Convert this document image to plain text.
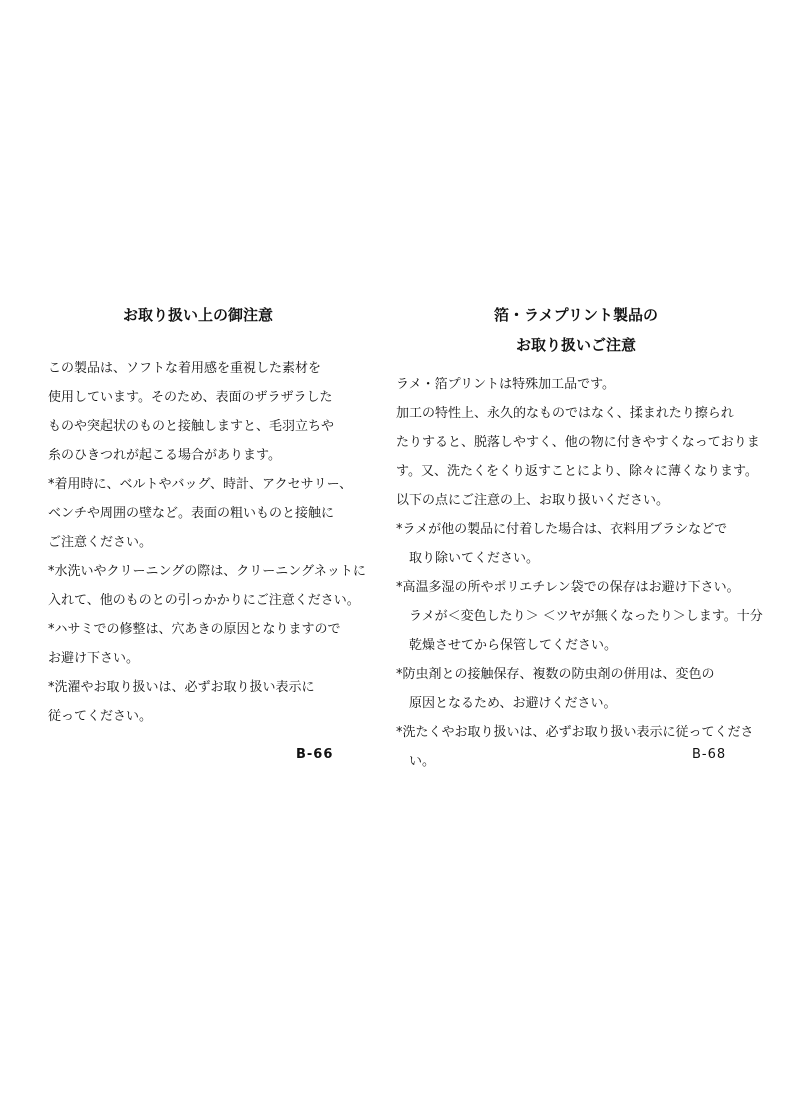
お取り扱い上の御注意
この製品は、ソフトな着用感を重視した素材を
使用しています。そのため、表面のザラザラした
ものや突起状のものと接触しますと、毛羽立ちや
糸のひきつれが起こる場合があります。
*着用時に、ベルトやバッグ、時計、アクセサリー、
ベンチや周囲の壁など。表面の粗いものと接触に
ご注意ください。
*水洗いやクリーニングの際は、クリーニングネットに
入れて、他のものとの引っかかりにご注意ください。
*ハサミでの修整は、穴あきの原因となりますので
お避け下さい。
*洗濯やお取り扱いは、必ずお取り扱い表示に
従ってください。
B-66
箔・ラメプリント製品の
お取り扱いご注意
ラメ・箔プリントは特殊加工品です。
加工の特性上、永久的なものではなく、揉まれたり擦られ
たりすると、脱落しやすく、他の物に付きやすくなっておりま
す。又、洗たくをくり返すことにより、除々に薄くなります。
以下の点にご注意の上、お取り扱いください。
*ラメが他の製品に付着した場合は、衣料用ブラシなどで
　取り除いてください。
*高温多湿の所やポリエチレン袋での保存はお避け下さい。
　ラメが＜変色したり＞ ＜ツヤが無くなったり＞します。十分
　乾燥させてから保管してください。
*防虫剤との接触保存、複数の防虫剤の併用は、変色の
　原因となるため、お避けください。
*洗たくやお取り扱いは、必ずお取り扱い表示に従ってくださ
　い。	B-68
